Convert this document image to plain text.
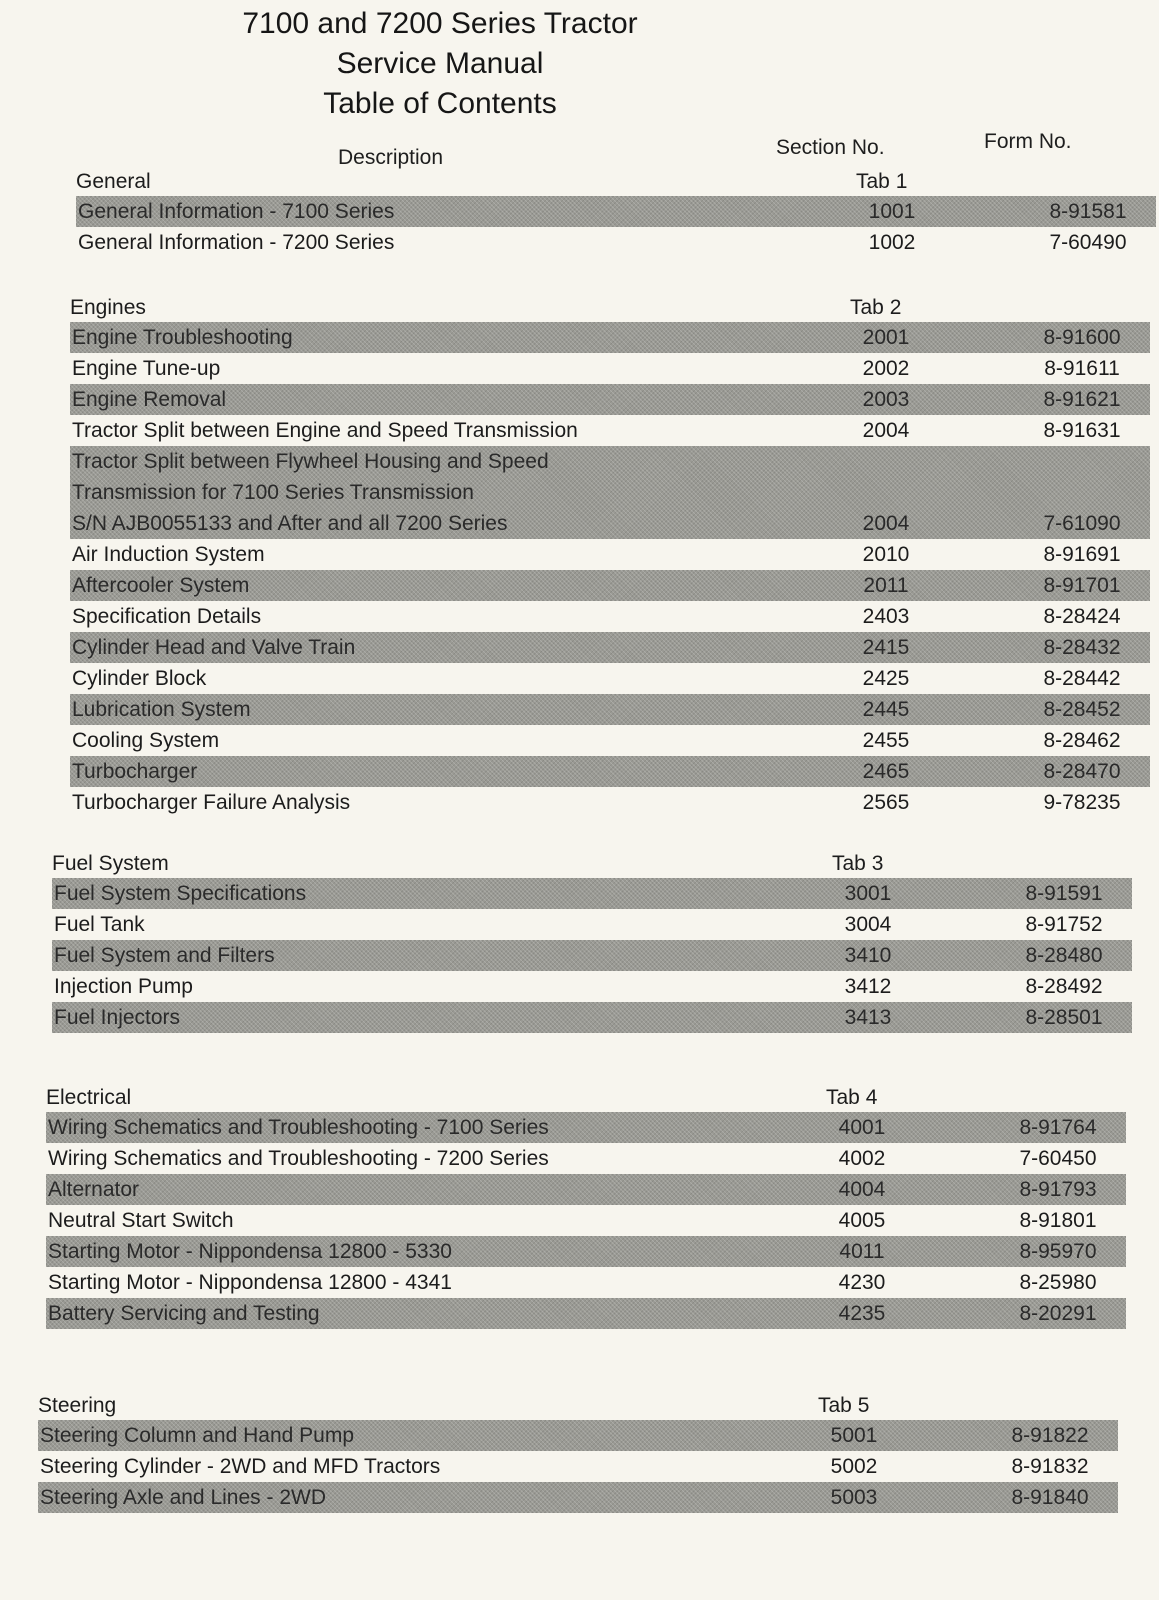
7100 and 7200 Series Tractor
Service Manual
Table of Contents
Description	Section No.	Form No.
General	Tab 1
General Information - 7100 Series	1001	8-91581
General Information - 7200 Series	1002	7-60490
Engines	Tab 2
Engine Troubleshooting	2001	8-91600
Engine Tune-up	2002	8-91611
Engine Removal	2003	8-91621
Tractor Split between Engine and Speed Transmission	2004	8-91631
Tractor Split between Flywheel Housing and Speed
Transmission for 7100 Series Transmission
S/N AJB0055133 and After and all 7200 Series	2004	7-61090
Air Induction System	2010	8-91691
Aftercooler System	2011	8-91701
Specification Details	2403	8-28424
Cylinder Head and Valve Train	2415	8-28432
Cylinder Block	2425	8-28442
Lubrication System	2445	8-28452
Cooling System	2455	8-28462
Turbocharger	2465	8-28470
Turbocharger Failure Analysis	2565	9-78235
Fuel System	Tab 3
Fuel System Specifications	3001	8-91591
Fuel Tank	3004	8-91752
Fuel System and Filters	3410	8-28480
Injection Pump	3412	8-28492
Fuel Injectors	3413	8-28501
Electrical	Tab 4
Wiring Schematics and Troubleshooting - 7100 Series	4001	8-91764
Wiring Schematics and Troubleshooting - 7200 Series	4002	7-60450
Alternator	4004	8-91793
Neutral Start Switch	4005	8-91801
Starting Motor - Nippondensa 12800 - 5330	4011	8-95970
Starting Motor - Nippondensa 12800 - 4341	4230	8-25980
Battery Servicing and Testing	4235	8-20291
Steering	Tab 5
Steering Column and Hand Pump	5001	8-91822
Steering Cylinder - 2WD and MFD Tractors	5002	8-91832
Steering Axle and Lines - 2WD	5003	8-91840
